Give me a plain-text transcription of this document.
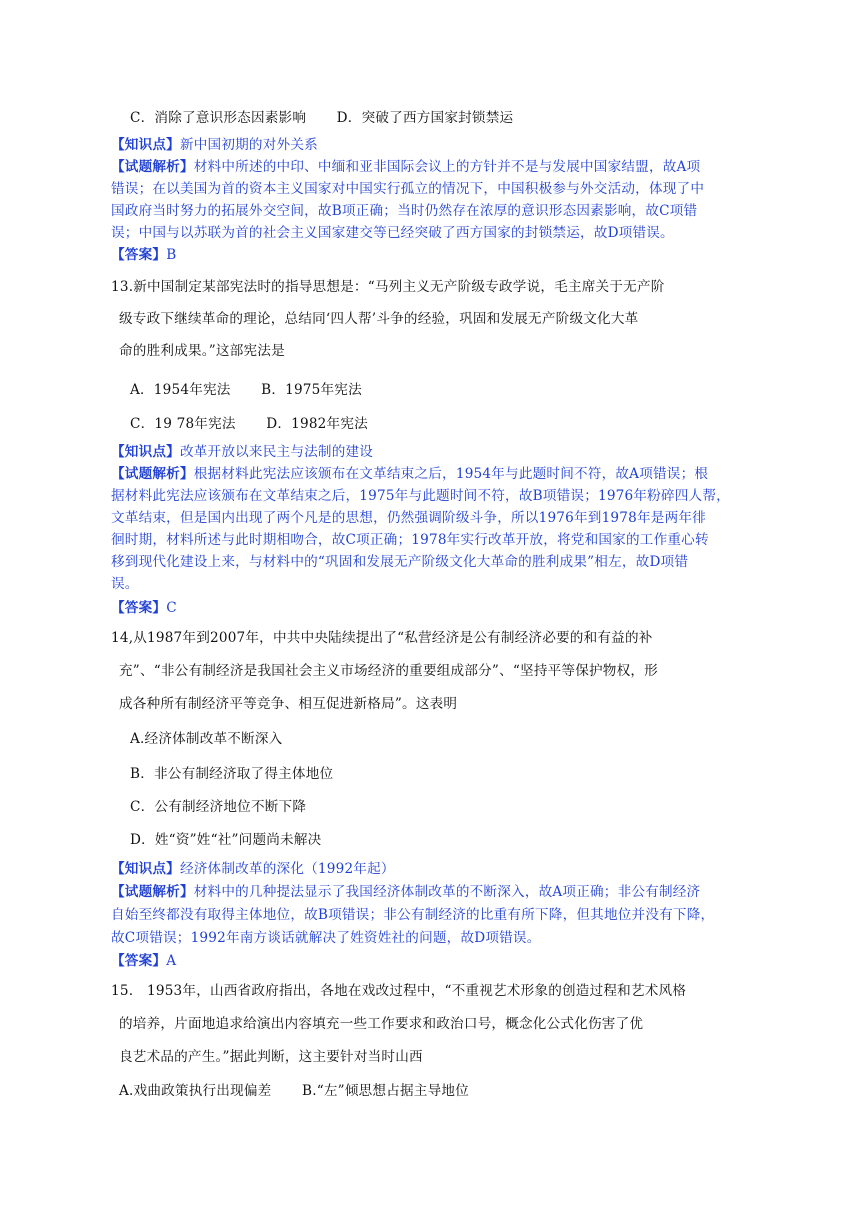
C．消除了意识形态因素影响 D．突破了西方国家封锁禁运

【知识点】新中国初期的对外关系

【试题解析】材料中所述的中印、中缅和亚非国际会议上的方针并不是与发展中国家结盟，故A项

错误；在以美国为首的资本主义国家对中国实行孤立的情况下，中国积极参与外交活动，体现了中

国政府当时努力的拓展外交空间，故B项正确；当时仍然存在浓厚的意识形态因素影响，故C项错

误；中国与以苏联为首的社会主义国家建交等已经突破了西方国家的封锁禁运，故D项错误。

【答案】B

13.新中国制定某部宪法时的指导思想是：“马列主义无产阶级专政学说，毛主席关于无产阶

级专政下继续革命的理论，总结同‘四人帮’斗争的经验，巩固和发展无产阶级文化大革

命的胜利成果。”这部宪法是

A．1954年宪法 B．1975年宪法

C．19 78年宪法 D．1982年宪法

【知识点】改革开放以来民主与法制的建设

【试题解析】根据材料此宪法应该颁布在文革结束之后，1954年与此题时间不符，故A项错误；根

据材料此宪法应该颁布在文革结束之后，1975年与此题时间不符，故B项错误；1976年粉碎四人帮，

文革结束，但是国内出现了两个凡是的思想，仍然强调阶级斗争，所以1976年到1978年是两年徘

徊时期，材料所述与此时期相吻合，故C项正确；1978年实行改革开放，将党和国家的工作重心转

移到现代化建设上来，与材料中的“巩固和发展无产阶级文化大革命的胜利成果”相左，故D项错

误。

【答案】C

14,从1987年到2007年，中共中央陆续提出了“私营经济是公有制经济必要的和有益的补

充”、“非公有制经济是我国社会主义市场经济的重要组成部分”、“坚持平等保护物权，形

成各种所有制经济平等竞争、相互促进新格局”。这表明

A.经济体制改革不断深入

B．非公有制经济取了得主体地位

C．公有制经济地位不断下降

D．姓“资”姓“社”问题尚未解决

【知识点】经济体制改革的深化（1992年起）

【试题解析】材料中的几种提法显示了我国经济体制改革的不断深入，故A项正确；非公有制经济

自始至终都没有取得主体地位，故B项错误；非公有制经济的比重有所下降，但其地位并没有下降，

故C项错误；1992年南方谈话就解决了姓资姓社的问题，故D项错误。

【答案】A

15.　1953年，山西省政府指出，各地在戏改过程中，“不重视艺术形象的创造过程和艺术风格

的培养，片面地追求给演出内容填充一些工作要求和政治口号，概念化公式化伤害了优

良艺术品的产生。”据此判断，这主要针对当时山西

A.戏曲政策执行出现偏差 B.“左”倾思想占据主导地位
